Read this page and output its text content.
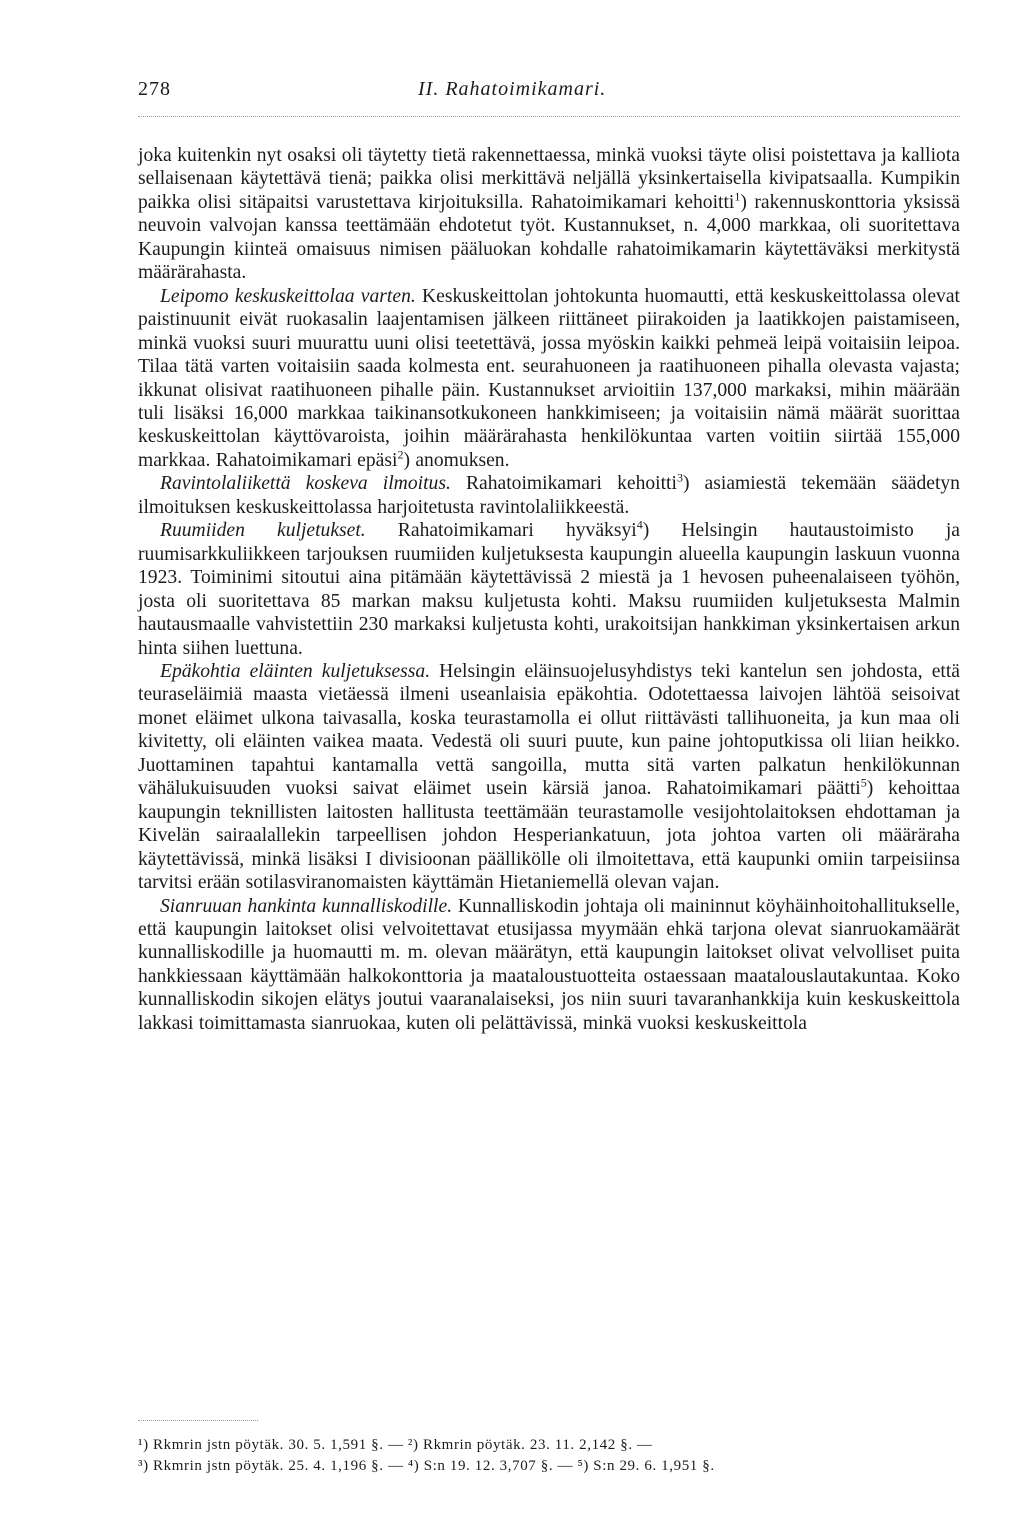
278	II. Rahatoimikamari.

joka kuitenkin nyt osaksi oli täytetty tietä rakennettaessa, minkä vuoksi täyte olisi poistettava ja kalliota sellaisenaan käytettävä tienä; paikka olisi merkittävä neljällä yksinkertaisella kivipatsaalla. Kumpikin paikka olisi sitäpaitsi varustettava kirjoituksilla. Rahatoimikamari kehoitti$^1$) rakennuskonttoria yksissä neuvoin valvojan kanssa teettämään ehdotetut työt. Kustannukset, n. 4,000 markkaa, oli suoritettava Kaupungin kiinteä omaisuus nimisen pääluokan kohdalle rahatoimikamarin käytettäväksi merkitystä määrärahasta.

Leipomo keskuskeittolaa varten. Keskuskeittolan johtokunta huomautti, että keskuskeittolassa olevat paistinuunit eivät ruokasalin laajentamisen jälkeen riittäneet piirakoiden ja laatikkojen paistamiseen, minkä vuoksi suuri muurattu uuni olisi teetettävä, jossa myöskin kaikki pehmeä leipä voitaisiin leipoa. Tilaa tätä varten voitaisiin saada kolmesta ent. seurahuoneen ja raatihuoneen pihalla olevasta vajasta; ikkunat olisivat raatihuoneen pihalle päin. Kustannukset arvioitiin 137,000 markaksi, mihin määrään tuli lisäksi 16,000 markkaa taikinansotkukoneen hankkimiseen; ja voitaisiin nämä määrät suorittaa keskuskeittolan käyttövaroista, joihin määrärahasta henkilökuntaa varten voitiin siirtää 155,000 markkaa. Rahatoimikamari epäsi$^2$) anomuksen.

Ravintolaliikettä koskeva ilmoitus. Rahatoimikamari kehoitti$^3$) asiamiestä tekemään säädetyn ilmoituksen keskuskeittolassa harjoitetusta ravintolaliikkeestä.

Ruumiiden kuljetukset. Rahatoimikamari hyväksyi$^4$) Helsingin hautaustoimisto ja ruumisarkkuliikkeen tarjouksen ruumiiden kuljetuksesta kaupungin alueella kaupungin laskuun vuonna 1923. Toiminimi sitoutui aina pitämään käytettävissä 2 miestä ja 1 hevosen puheenalaiseen työhön, josta oli suoritettava 85 markan maksu kuljetusta kohti. Maksu ruumiiden kuljetuksesta Malmin hautausmaalle vahvistettiin 230 markaksi kuljetusta kohti, urakoitsijan hankkiman yksinkertaisen arkun hinta siihen luettuna.

Epäkohtia eläinten kuljetuksessa. Helsingin eläinsuojelusyhdistys teki kantelun sen johdosta, että teuraseläimiä maasta vietäessä ilmeni useanlaisia epäkohtia. Odotettaessa laivojen lähtöä seisoivat monet eläimet ulkona taivasalla, koska teurastamolla ei ollut riittävästi tallihuoneita, ja kun maa oli kivitetty, oli eläinten vaikea maata. Vedestä oli suuri puute, kun paine johtoputkissa oli liian heikko. Juottaminen tapahtui kantamalla vettä sangoilla, mutta sitä varten palkatun henkilökunnan vähälukuisuuden vuoksi saivat eläimet usein kärsiä janoa. Rahatoimikamari päätti$^5$) kehoittaa kaupungin teknillisten laitosten hallitusta teettämään teurastamolle vesijohtolaitoksen ehdottaman ja Kivelän sairaalallekin tarpeellisen johdon Hesperiankatuun, jota johtoa varten oli määräraha käytettävissä, minkä lisäksi I divisioonan päällikölle oli ilmoitettava, että kaupunki omiin tarpeisiinsa tarvitsi erään sotilasviranomaisten käyttämän Hietaniemellä olevan vajan.

Sianruuan hankinta kunnalliskodille. Kunnalliskodin johtaja oli maininnut köyhäinhoitohallitukselle, että kaupungin laitokset olisi velvoitettavat etusijassa myymään ehkä tarjona olevat sianruokamäärät kunnalliskodille ja huomautti m. m. olevan määrätyn, että kaupungin laitokset olivat velvolliset puita hankkiessaan käyttämään halkokonttoria ja maataloustuotteita ostaessaan maatalouslautakuntaa. Koko kunnalliskodin sikojen elätys joutui vaaranalaiseksi, jos niin suuri tavaranhankkija kuin keskuskeittola lakkasi toimittamasta sianruokaa, kuten oli pelättävissä, minkä vuoksi keskuskeittola

¹) Rkmrin jstn pöytäk. 30. 5. 1,591 §. — ²) Rkmrin pöytäk. 23. 11. 2,142 §. —
³) Rkmrin jstn pöytäk. 25. 4. 1,196 §. — ⁴) S:n 19. 12. 3,707 §. — ⁵) S:n 29. 6. 1,951 §.
